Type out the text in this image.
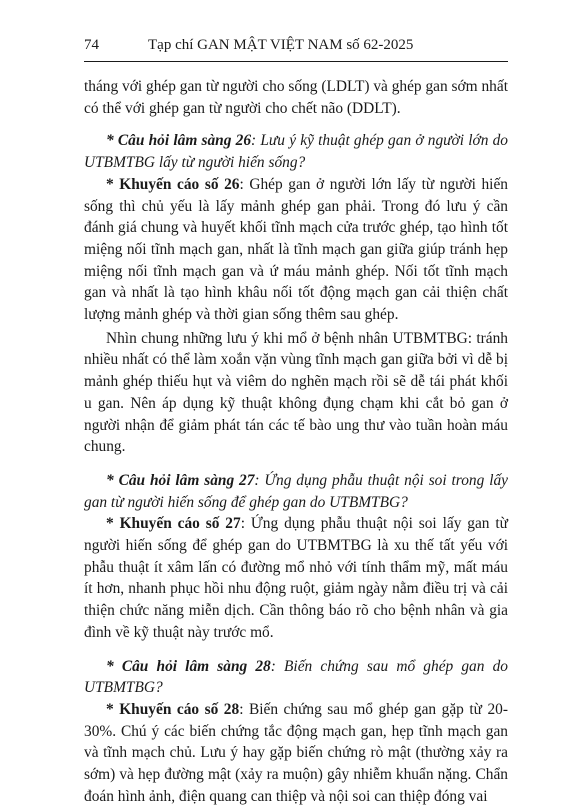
74	Tạp chí GAN MẬT VIỆT NAM số 62-2025

tháng với ghép gan từ người cho sống (LDLT) và ghép gan sớm nhất có thể với ghép gan từ người cho chết não (DDLT).

* Câu hỏi lâm sàng 26: Lưu ý kỹ thuật ghép gan ở người lớn do UTBMTBG lấy từ người hiến sống?

* Khuyến cáo số 26: Ghép gan ở người lớn lấy từ người hiến sống thì chủ yếu là lấy mảnh ghép gan phải. Trong đó lưu ý cần đánh giá chung và huyết khối tĩnh mạch cửa trước ghép, tạo hình tốt miệng nối tĩnh mạch gan, nhất là tĩnh mạch gan giữa giúp tránh hẹp miệng nối tĩnh mạch gan và ứ máu mảnh ghép. Nối tốt tĩnh mạch gan và nhất là tạo hình khâu nối tốt động mạch gan cải thiện chất lượng mảnh ghép và thời gian sống thêm sau ghép.

Nhìn chung những lưu ý khi mổ ở bệnh nhân UTBMTBG: tránh nhiều nhất có thể làm xoắn vặn vùng tĩnh mạch gan giữa bởi vì dễ bị mảnh ghép thiếu hụt và viêm do nghẽn mạch rồi sẽ dễ tái phát khối u gan. Nên áp dụng kỹ thuật không đụng chạm khi cắt bỏ gan ở người nhận để giảm phát tán các tế bào ung thư vào tuần hoàn máu chung.

* Câu hỏi lâm sàng 27: Ứng dụng phẫu thuật nội soi trong lấy gan từ người hiến sống để ghép gan do UTBMTBG?

* Khuyến cáo số 27: Ứng dụng phẫu thuật nội soi lấy gan từ người hiến sống để ghép gan do UTBMTBG là xu thế tất yếu với phẫu thuật ít xâm lấn có đường mổ nhỏ với tính thẩm mỹ, mất máu ít hơn, nhanh phục hồi nhu động ruột, giảm ngày nằm điều trị và cải thiện chức năng miễn dịch. Cần thông báo rõ cho bệnh nhân và gia đình về kỹ thuật này trước mổ.

* Câu hỏi lâm sàng 28: Biến chứng sau mổ ghép gan do UTBMTBG?

* Khuyến cáo số 28: Biến chứng sau mổ ghép gan gặp từ 20-30%. Chú ý các biến chứng tắc động mạch gan, hẹp tĩnh mạch gan và tĩnh mạch chủ. Lưu ý hay gặp biến chứng rò mật (thường xảy ra sớm) và hẹp đường mật (xảy ra muộn) gây nhiễm khuẩn nặng. Chẩn đoán hình ảnh, điện quang can thiệp và nội soi can thiệp đóng vai
